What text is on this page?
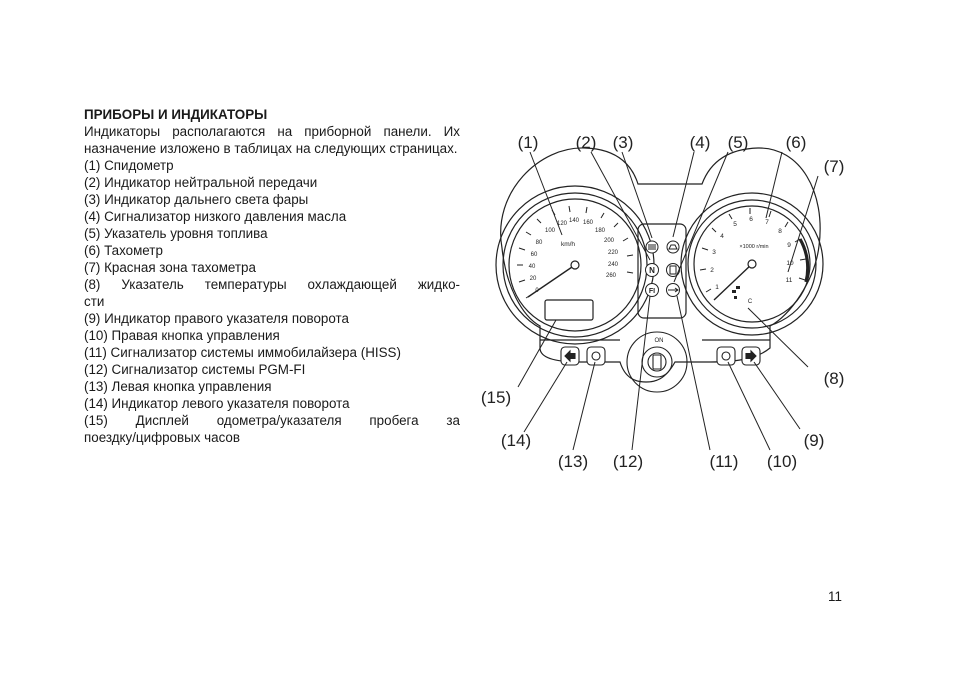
ПРИБОРЫ И ИНДИКАТОРЫ

Индикаторы располагаются на приборной панели. Их назначение изложено в таблицах на следующих страницах.

(1) Спидометр

(2) Индикатор нейтральной передачи

(3) Индикатор дальнего света фары

(4) Сигнализатор низкого давления масла

(5) Указатель уровня топлива

(6) Тахометр

(7) Красная зона тахометра

(8) Указатель температуры охлаждающей жидко-

сти

(9) Индикатор правого указателя поворота

(10) Правая кнопка управления

(11) Сигнализатор системы иммобилайзера (HISS)

(12) Сигнализатор системы PGM-FI

(13) Левая кнопка управления

(14) Индикатор левого указателя поворота

(15) Дисплей одометра/указателя пробега за

поездку/цифровых часов

20
40
60
80
100
120 140 160
180
200
220
240
260
km/h
1
2
3
4
5
6 7
8
9
10
11
×1000 r/min
C
N
FI
ON
(1) (2) (3)	(4) (5) (6)
(7)
(8)
(9)
(10)
(11)
(12)
(13)
(14)
(15)
11
